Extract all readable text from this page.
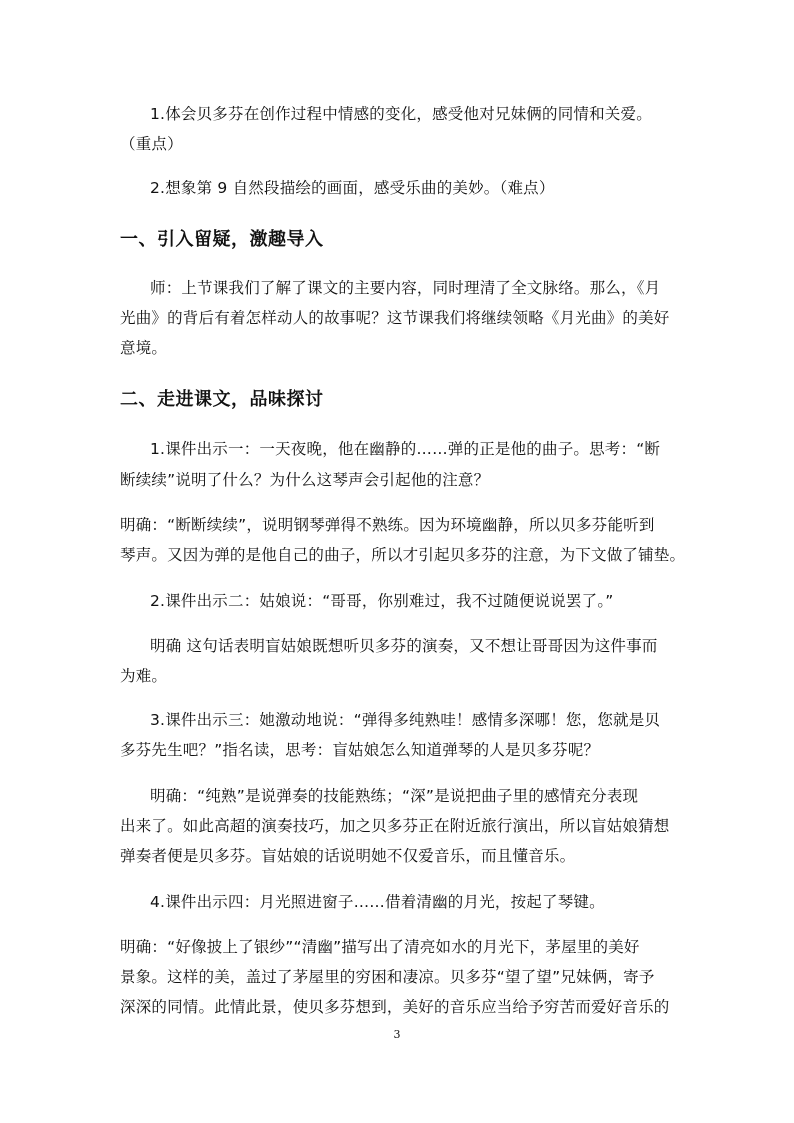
1.体会贝多芬在创作过程中情感的变化，感受他对兄妹俩的同情和关爱。
（重点）
2.想象第 9 自然段描绘的画面，感受乐曲的美妙。（难点）
一、引入留疑，激趣导入
师：上节课我们了解了课文的主要内容，同时理清了全文脉络。那么，《月
光曲》的背后有着怎样动人的故事呢？这节课我们将继续领略《月光曲》的美好
意境。
二、走进课文，品味探讨
1.课件出示一：一天夜晚，他在幽静的……弹的正是他的曲子。思考：“断
断续续”说明了什么？为什么这琴声会引起他的注意？
明确：“断断续续”，说明钢琴弹得不熟练。因为环境幽静，所以贝多芬能听到
琴声。又因为弹的是他自己的曲子，所以才引起贝多芬的注意，为下文做了铺垫。
2.课件出示二：姑娘说：“哥哥，你别难过，我不过随便说说罢了。”
明确 这句话表明盲姑娘既想听贝多芬的演奏，又不想让哥哥因为这件事而
为难。
3.课件出示三：她激动地说：“弹得多纯熟哇！感情多深哪！您，您就是贝
多芬先生吧？”指名读，思考：盲姑娘怎么知道弹琴的人是贝多芬呢？
明确：“纯熟”是说弹奏的技能熟练；“深”是说把曲子里的感情充分表现
出来了。如此高超的演奏技巧，加之贝多芬正在附近旅行演出，所以盲姑娘猜想
弹奏者便是贝多芬。盲姑娘的话说明她不仅爱音乐，而且懂音乐。
4.课件出示四：月光照进窗子……借着清幽的月光，按起了琴键。
明确：“好像披上了银纱”“清幽”描写出了清亮如水的月光下，茅屋里的美好
景象。这样的美，盖过了茅屋里的穷困和凄凉。贝多芬“望了望”兄妹俩，寄予
深深的同情。此情此景，使贝多芬想到，美好的音乐应当给予穷苦而爱好音乐的
3
